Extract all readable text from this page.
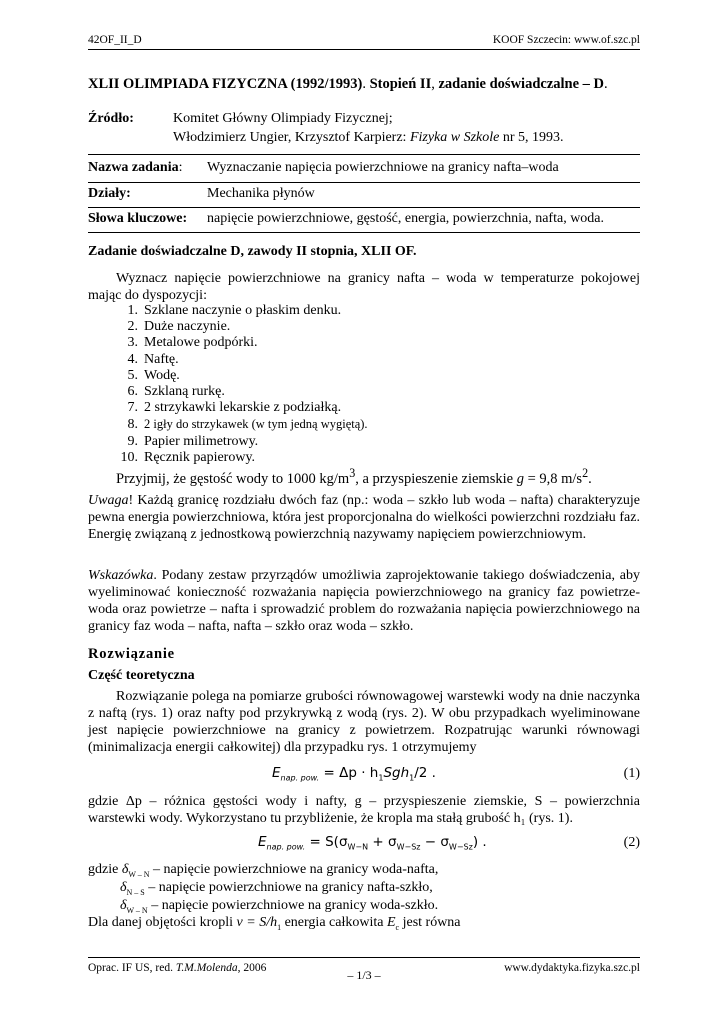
42OF_II_D	KOOF Szczecin: www.of.szc.pl
XLII OLIMPIADA FIZYCZNA (1992/1993). Stopień II, zadanie doświadczalne – D.
Źródło:	Komitet Główny Olimpiady Fizycznej;
Włodzimierz Ungier, Krzysztof Karpierz: Fizyka w Szkole nr 5, 1993.
Nazwa zadania: Wyznaczanie napięcia powierzchniowe na granicy nafta–woda
Działy:	Mechanika płynów
Słowa kluczowe: napięcie powierzchniowe, gęstość, energia, powierzchnia, nafta, woda.
Zadanie doświadczalne D, zawody II stopnia, XLII OF.
Wyznacz napięcie powierzchniowe na granicy nafta – woda w temperaturze pokojowej mając do dyspozycji:
1. Szklane naczynie o płaskim denku.
2. Duże naczynie.
3. Metalowe podpórki.
4. Naftę.
5. Wodę.
6. Szklaną rurkę.
7. 2 strzykawki lekarskie z podziałką.
8. 2 igły do strzykawek (w tym jedną wygiętą).
9. Papier milimetrowy.
10. Ręcznik papierowy.
Przyjmij, że gęstość wody to 1000 $kg/m^3$, a przyspieszenie ziemskie g = 9,8 $m/s^2$.
Uwaga! Każdą granicę rozdziału dwóch faz (np.: woda – szkło lub woda – nafta) charakteryzuje pewna energia powierzchniowa, która jest proporcjonalna do wielkości powierzchni rozdziału faz. Energię związaną z jednostkową powierzchnią nazywamy napięciem powierzchniowym.
Wskazówka. Podany zestaw przyrządów umożliwia zaprojektowanie takiego doświadczenia, aby wyeliminować konieczność rozważania napięcia powierzchniowego na granicy faz powietrze-woda oraz powietrze – nafta i sprowadzić problem do rozważania napięcia powierzchniowego na granicy faz woda – nafta, nafta – szkło oraz woda – szkło.
Rozwiązanie
Część teoretyczna
Rozwiązanie polega na pomiarze grubości równowagowej warstewki wody na dnie naczynka z naftą (rys. 1) oraz nafty pod przykrywką z wodą (rys. 2). W obu przypadkach wyeliminowane jest napięcie powierzchniowe na granicy z powietrzem. Rozpatrując warunki równowagi (minimalizacja energii całkowitej) dla przypadku rys. 1 otrzymujemy
$E_{nap. pow.} = \Delta p \cdot h_1Sgh_1/2$ .	(1)
gdzie Δp – różnica gęstości wody i nafty, g – przyspieszenie ziemskie, S – powierzchnia warstewki wody. Wykorzystano tu przybliżenie, że kropla ma stałą grubość h₁ (rys. 1).
$E_{nap. pow.} = S(\sigma_{W-N} + \sigma_{W-Sz} - \sigma_{W-Sz})$ .	(2)
gdzie $\delta_{W - N}$ – napięcie powierzchniowe na granicy woda-nafta,
$\delta_{N - S}$ – napięcie powierzchniowe na granicy nafta-szkło,
$\delta_{W - N}$ – napięcie powierzchniowe na granicy woda-szkło.
Dla danej objętości kropli $v = S/h_1$ energia całkowita $E_c$ jest równa
Oprac. IF US, red. T.M.Molenda, 2006	www.dydaktyka.fizyka.szc.pl
– 1/3 –
